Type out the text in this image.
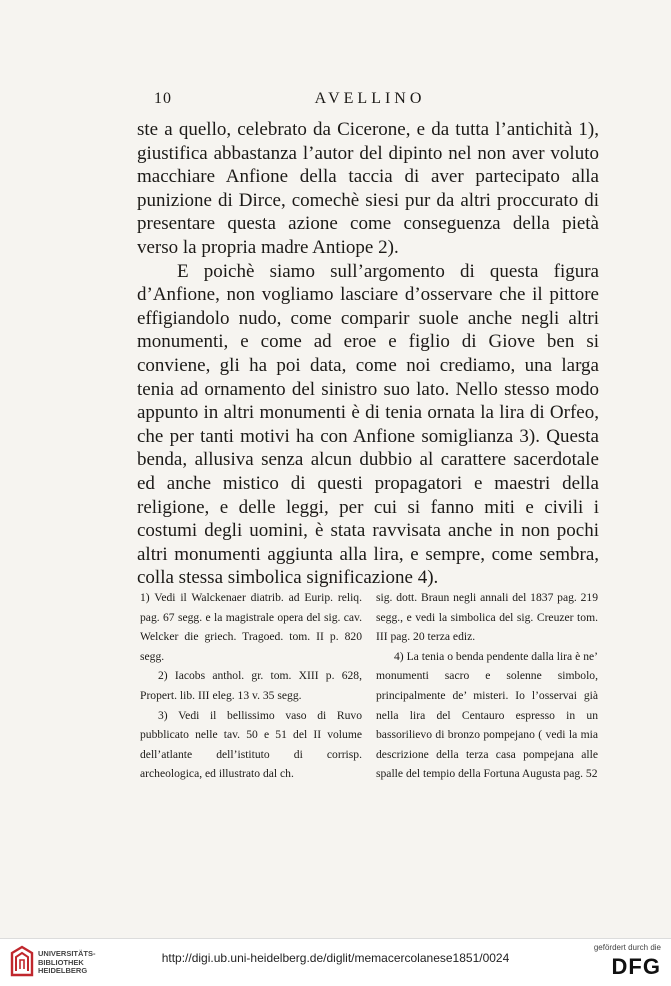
10	AVELLINO

ste a quello, celebrato da Cicerone, e da tutta l’antichità 1), giustifica abbastanza l’autor del dipinto nel non aver voluto macchiare Anfione della taccia di aver partecipato alla punizione di Dirce, comechè siesi pur da altri proccurato di presentare questa azione come conseguenza della pietà verso la propria madre Antiope 2).

E poichè siamo sull’argomento di questa figura d’Anfione, non vogliamo lasciare d’osservare che il pittore effigiandolo nudo, come comparir suole anche negli altri monumenti, e come ad eroe e figlio di Giove ben si conviene, gli ha poi data, come noi crediamo, una larga tenia ad ornamento del sinistro suo lato. Nello stesso modo appunto in altri monumenti è di tenia ornata la lira di Orfeo, che per tanti motivi ha con Anfione somiglianza 3). Questa benda, allusiva senza alcun dubbio al carattere sacerdotale ed anche mistico di questi propagatori e maestri della religione, e delle leggi, per cui si fanno miti e civili i costumi degli uomini, è stata ravvisata anche in non pochi altri monumenti aggiunta alla lira, e sempre, come sembra, colla stessa simbolica significazione 4).

1) Vedi il Walckenaer diatrib. ad Eurip. reliq. pag. 67 segg. e la magistrale opera del sig. cav. Welcker die griech. Tragoed. tom. II p. 820 segg.

2) Iacobs anthol. gr. tom. XIII p. 628, Propert. lib. III eleg. 13 v. 35 segg.

3) Vedi il bellissimo vaso di Ruvo pubblicato nelle tav. 50 e 51 del II volume dell’atlante dell’istituto di corrisp. archeologica, ed illustrato dal ch.

sig. dott. Braun negli annali del 1837 pag. 219 segg., e vedi la simbolica del sig. Creuzer tom. III pag. 20 terza ediz.

4) La tenia o benda pendente dalla lira è ne’ monumenti sacro e solenne simbolo, principalmente de’ misteri. Io l’osservai già nella lira del Centauro espresso in un bassorilievo di bronzo pompejano ( vedi la mia descrizione della terza casa pompejana alle spalle del tempio della Fortuna Augusta pag. 52

UNIVERSITÄTS-
BIBLIOTHEK
HEIDELBERG
http://digi.ub.uni-heidelberg.de/diglit/memacercolanese1851/0024
gefördert durch die
DFG
